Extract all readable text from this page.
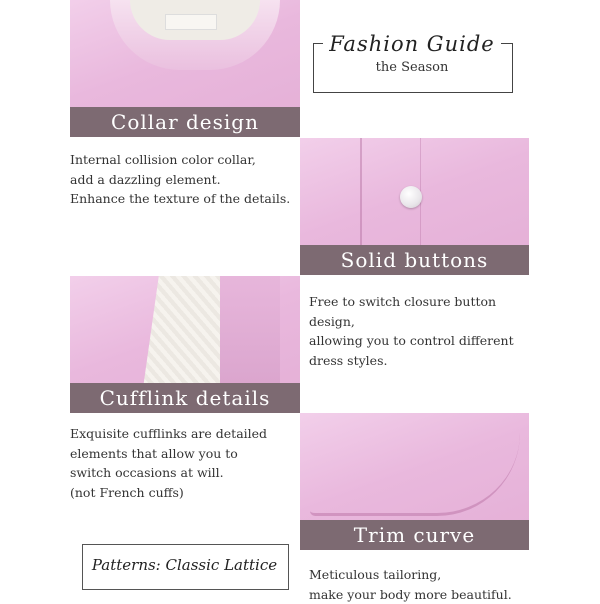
Collar design
Fashion Guide
the Season
Internal collision color collar,
add a dazzling element.
Enhance the texture of the details.
Solid buttons
Free to switch closure button
design,
allowing you to control different
dress styles.
Cufflink details
Exquisite cufflinks are detailed
elements that allow you to
switch occasions at will.
(not French cuffs)
Trim curve
Meticulous tailoring,
make your body more beautiful.
Patterns: Classic Lattice
